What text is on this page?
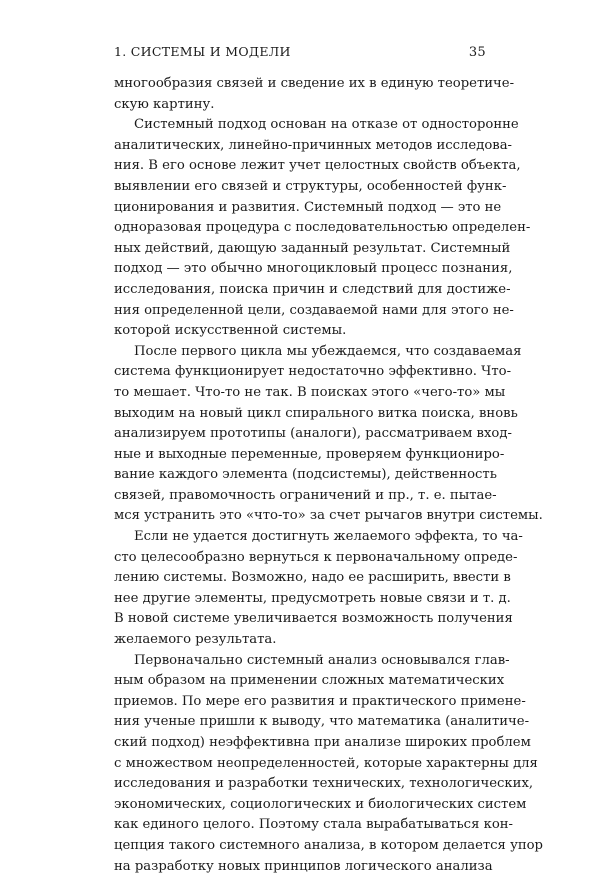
1. СИСТЕМЫ И МОДЕЛИ	35
многообразия связей и сведение их в единую теоретиче-
скую картину.
Системный подход основан на отказе от односторонне
аналитических, линейно-причинных методов исследова-
ния. В его основе лежит учет целостных свойств объекта,
выявлении его связей и структуры, особенностей функ-
ционирования и развития. Системный подход — это не
одноразовая процедура с последовательностью определен-
ных действий, дающую заданный результат. Системный
подход — это обычно многоцикловый процесс познания,
исследования, поиска причин и следствий для достиже-
ния определенной цели, создаваемой нами для этого не-
которой искусственной системы.
После первого цикла мы убеждаемся, что создаваемая
система функционирует недостаточно эффективно. Что-
то мешает. Что-то не так. В поисках этого «чего-то» мы
выходим на новый цикл спирального витка поиска, вновь
анализируем прототипы (аналоги), рассматриваем вход-
ные и выходные переменные, проверяем функциониро-
вание каждого элемента (подсистемы), действенность
связей, правомочность ограничений и пр., т. е. пытае-
мся устранить это «что-то» за счет рычагов внутри системы.
Если не удается достигнуть желаемого эффекта, то ча-
сто целесообразно вернуться к первоначальному опреде-
лению системы. Возможно, надо ее расширить, ввести в
нее другие элементы, предусмотреть новые связи и т. д.
В новой системе увеличивается возможность получения
желаемого результата.
Первоначально системный анализ основывался глав-
ным образом на применении сложных математических
приемов. По мере его развития и практического примене-
ния ученые пришли к выводу, что математика (аналитиче-
ский подход) неэффективна при анализе широких проблем
с множеством неопределенностей, которые характерны для
исследования и разработки технических, технологических,
экономических, социологических и биологических систем
как единого целого. Поэтому стала вырабатываться кон-
цепция такого системного анализа, в котором делается упор
на разработку новых принципов логического анализа
